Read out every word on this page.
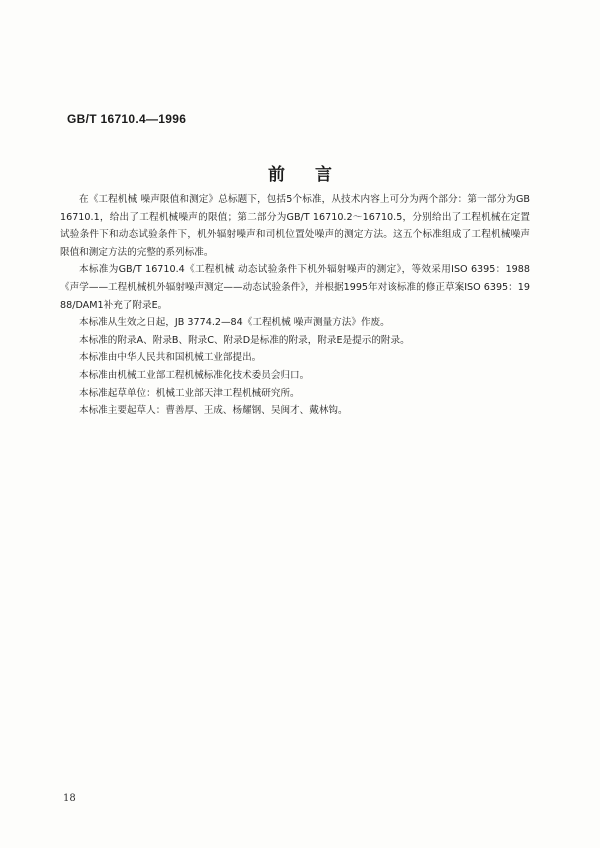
GB/T 16710.4—1996
前言

在《工程机械 噪声限值和测定》总标题下，包括5个标准，从技术内容上可分为两个部分：第一部分为GB 16710.1，给出了工程机械噪声的限值；第二部分为GB/T 16710.2～16710.5，分别给出了工程机械在定置试验条件下和动态试验条件下，机外辐射噪声和司机位置处噪声的测定方法。这五个标准组成了工程机械噪声限值和测定方法的完整的系列标准。

本标准为GB/T 16710.4《工程机械 动态试验条件下机外辐射噪声的测定》，等效采用ISO 6395：1988《声学——工程机械机外辐射噪声测定——动态试验条件》，并根据1995年对该标准的修正草案ISO 6395：1988/DAM1补充了附录E。

本标准从生效之日起，JB 3774.2—84《工程机械 噪声测量方法》作废。

本标准的附录A、附录B、附录C、附录D是标准的附录，附录E是提示的附录。

本标准由中华人民共和国机械工业部提出。

本标准由机械工业部工程机械标准化技术委员会归口。

本标准起草单位：机械工业部天津工程机械研究所。

本标准主要起草人：曹善厚、王成、杨耀钢、吴闽才、戴林钩。

18
